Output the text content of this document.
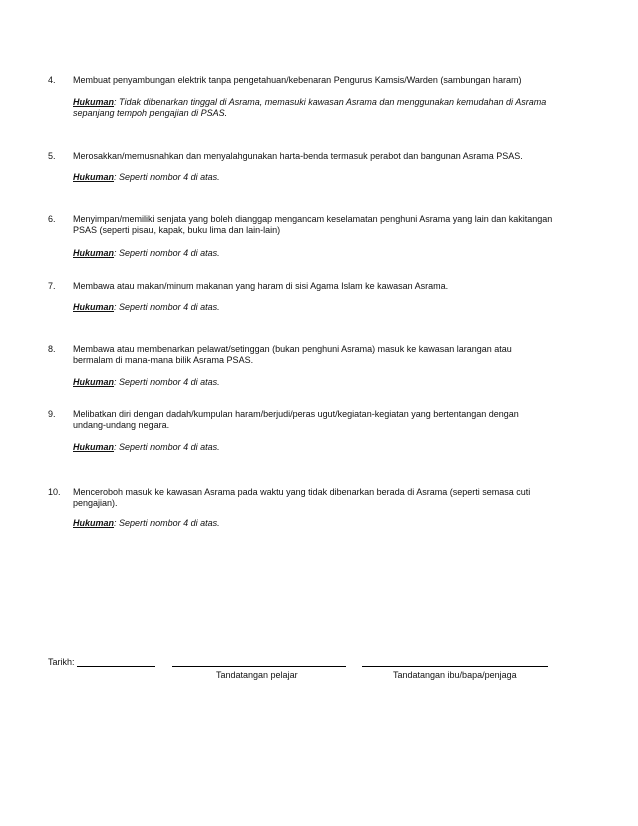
4. Membuat penyambungan elektrik tanpa pengetahuan/kebenaran Pengurus Kamsis/Warden (sambungan haram)
Hukuman: Tidak dibenarkan tinggal di Asrama, memasuki kawasan Asrama dan menggunakan kemudahan di Asrama sepanjang tempoh pengajian di PSAS.
5. Merosakkan/memusnahkan dan menyalahgunakan harta-benda termasuk perabot dan bangunan Asrama PSAS.
Hukuman: Seperti nombor 4 di atas.
6. Menyimpan/memiliki senjata yang boleh dianggap mengancam keselamatan penghuni Asrama yang lain dan kakitangan PSAS (seperti pisau, kapak, buku lima dan lain-lain)
Hukuman: Seperti nombor 4 di atas.
7. Membawa atau makan/minum makanan yang haram di sisi Agama Islam ke kawasan Asrama.
Hukuman: Seperti nombor 4 di atas.
8. Membawa atau membenarkan pelawat/setinggan (bukan penghuni Asrama) masuk ke kawasan larangan atau bermalam di mana-mana bilik Asrama PSAS.
Hukuman: Seperti nombor 4 di atas.
9. Melibatkan diri dengan dadah/kumpulan haram/berjudi/peras ugut/kegiatan-kegiatan yang bertentangan dengan undang-undang negara.
Hukuman: Seperti nombor 4 di atas.
10. Menceroboh masuk ke kawasan Asrama pada waktu yang tidak dibenarkan berada di Asrama (seperti semasa cuti pengajian).
Hukuman: Seperti nombor 4 di atas.
Tarikh:
Tandatangan pelajar	Tandatangan ibu/bapa/penjaga
